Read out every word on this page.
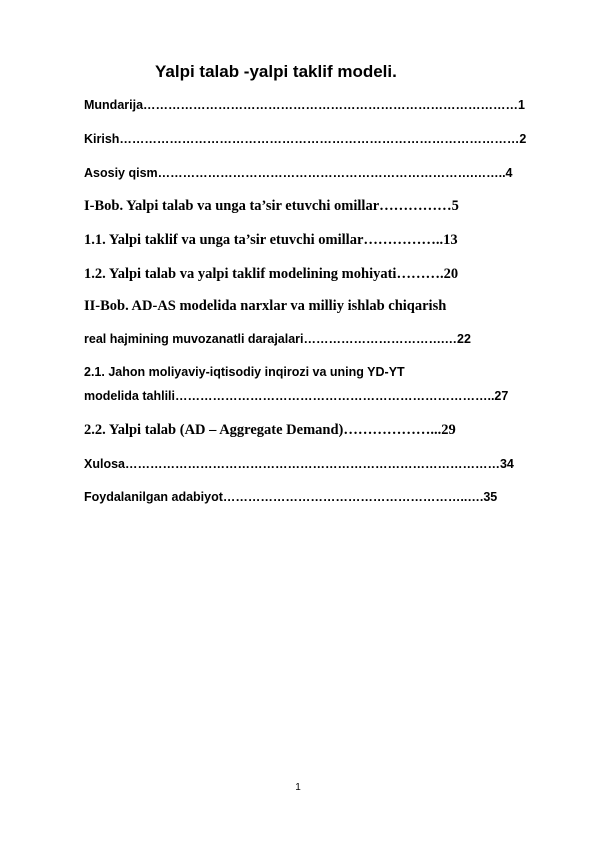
Yalpi talab -yalpi taklif modeli.
Mundarija………………………………………………………………………………1
Kirish……………………………………………………………………………………2
Asosiy qism………………………………………………………………….……..4
I-Bob. Yalpi talab va unga ta’sir etuvchi omillar……………5
1.1. Yalpi taklif va unga ta’sir etuvchi omillar……………..13
1.2. Yalpi talab va yalpi taklif modelining mohiyati……….20
II-Bob. AD-AS modelida narxlar va milliy ishlab chiqarish
real hajmining muvozanatli darajalari…………………………….…22
2.1. Jahon moliyaviy-iqtisodiy inqirozi va uning YD-YT
modelida tahlili…………………………………………………………………..27
2.2. Yalpi talab (AD – Aggregate Demand)………………...29
Xulosa………………………………………………………………………………34
Foydalanilgan adabiyot…………………………………………………..….35
1
